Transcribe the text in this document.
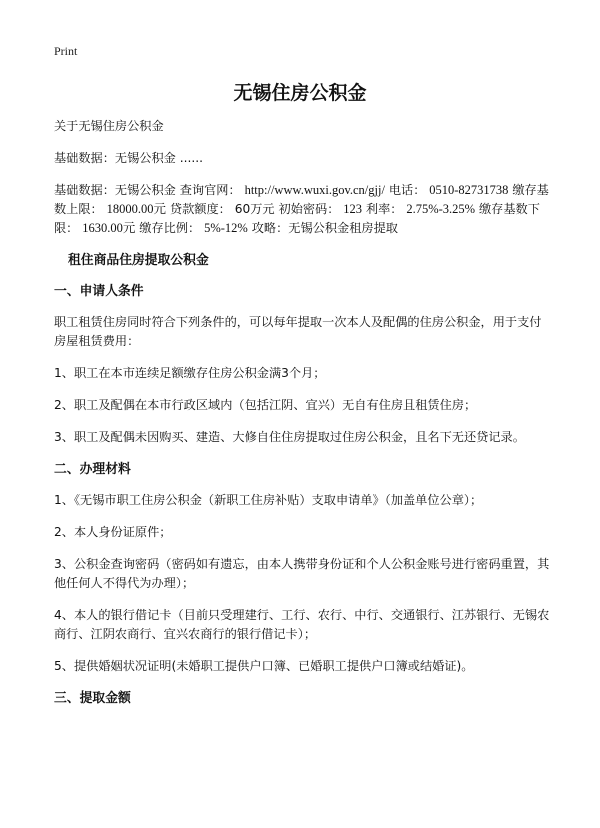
Print
无锡住房公积金

关于无锡住房公积金

基础数据：无锡公积金 ......

基础数据：无锡公积金 查询官网： http://www.wuxi.gov.cn/gjj/ 电话： 0510-82731738 缴存基数上限： 18000.00元 贷款额度： 60万元 初始密码： 123 利率： 2.75%-3.25% 缴存基数下限： 1630.00元 缴存比例： 5%-12% 攻略：无锡公积金租房提取

租住商品住房提取公积金

一、申请人条件

职工租赁住房同时符合下列条件的，可以每年提取一次本人及配偶的住房公积金，用于支付房屋租赁费用：

1、职工在本市连续足额缴存住房公积金满3个月；

2、职工及配偶在本市行政区域内（包括江阴、宜兴）无自有住房且租赁住房；

3、职工及配偶未因购买、建造、大修自住住房提取过住房公积金，且名下无还贷记录。

二、办理材料

1、《无锡市职工住房公积金（新职工住房补贴）支取申请单》（加盖单位公章）；

2、本人身份证原件；

3、公积金查询密码（密码如有遗忘，由本人携带身份证和个人公积金账号进行密码重置，其他任何人不得代为办理）；

4、本人的银行借记卡（目前只受理建行、工行、农行、中行、交通银行、江苏银行、无锡农商行、江阴农商行、宜兴农商行的银行借记卡）；

5、提供婚姻状况证明(未婚职工提供户口簿、已婚职工提供户口簿或结婚证)。

三、提取金额
